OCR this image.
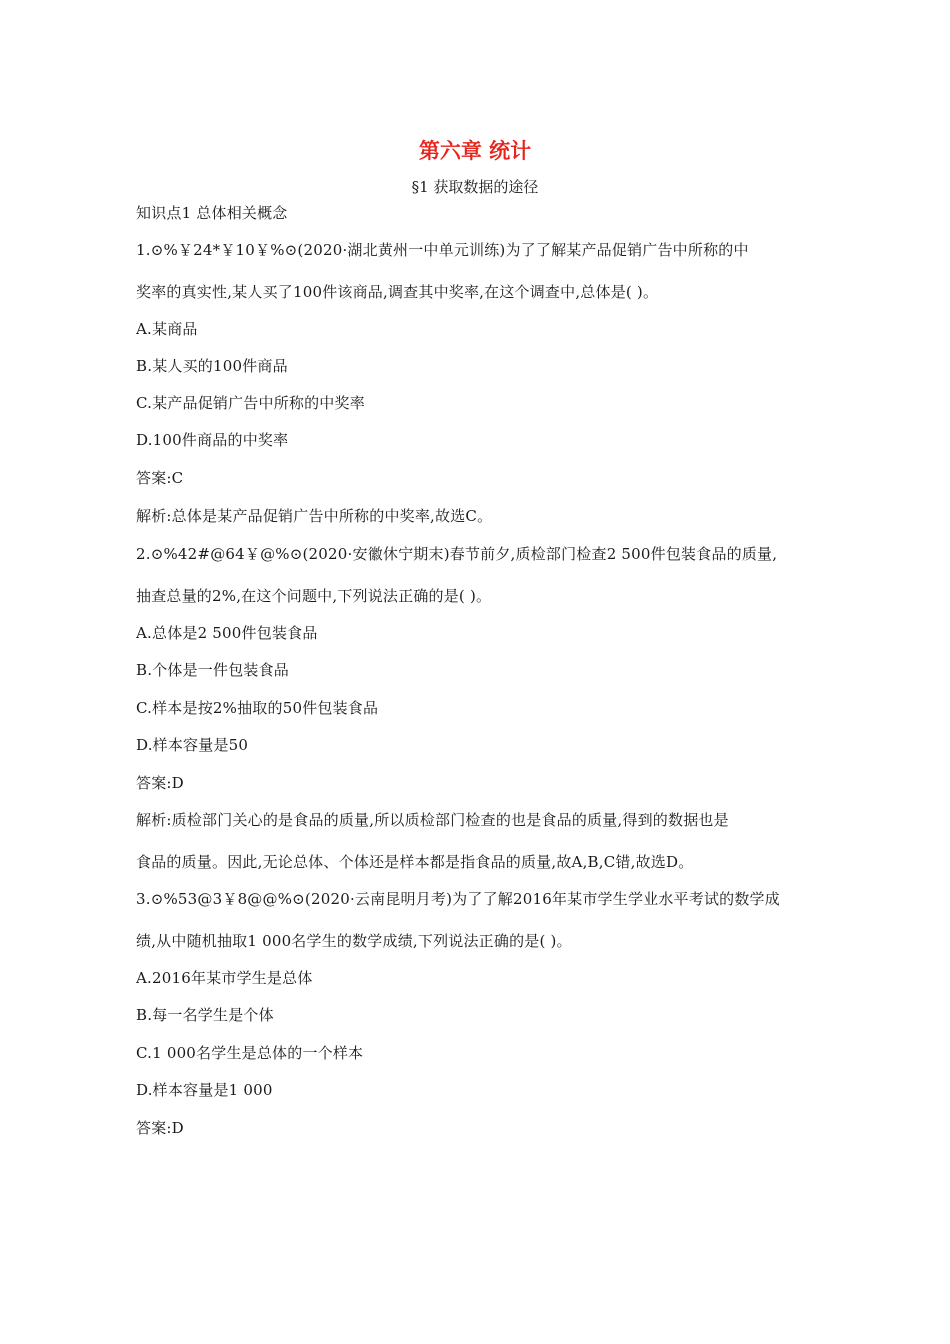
第六章 统计
§1 获取数据的途径
知识点1 总体相关概念
1.⊙%￥24*￥10￥%⊙(2020·湖北黄州一中单元训练)为了了解某产品促销广告中所称的中
奖率的真实性,某人买了100件该商品,调查其中奖率,在这个调查中,总体是( )。
A.某商品
B.某人买的100件商品
C.某产品促销广告中所称的中奖率
D.100件商品的中奖率
答案:C
解析:总体是某产品促销广告中所称的中奖率,故选C。
2.⊙%42#@64￥@%⊙(2020·安徽休宁期末)春节前夕,质检部门检查2 500件包装食品的质量,
抽查总量的2%,在这个问题中,下列说法正确的是( )。
A.总体是2 500件包装食品
B.个体是一件包装食品
C.样本是按2%抽取的50件包装食品
D.样本容量是50
答案:D
解析:质检部门关心的是食品的质量,所以质检部门检查的也是食品的质量,得到的数据也是
食品的质量。因此,无论总体、个体还是样本都是指食品的质量,故A,B,C错,故选D。
3.⊙%53@3￥8@@%⊙(2020·云南昆明月考)为了了解2016年某市学生学业水平考试的数学成
绩,从中随机抽取1 000名学生的数学成绩,下列说法正确的是( )。
A.2016年某市学生是总体
B.每一名学生是个体
C.1 000名学生是总体的一个样本
D.样本容量是1 000
答案:D
